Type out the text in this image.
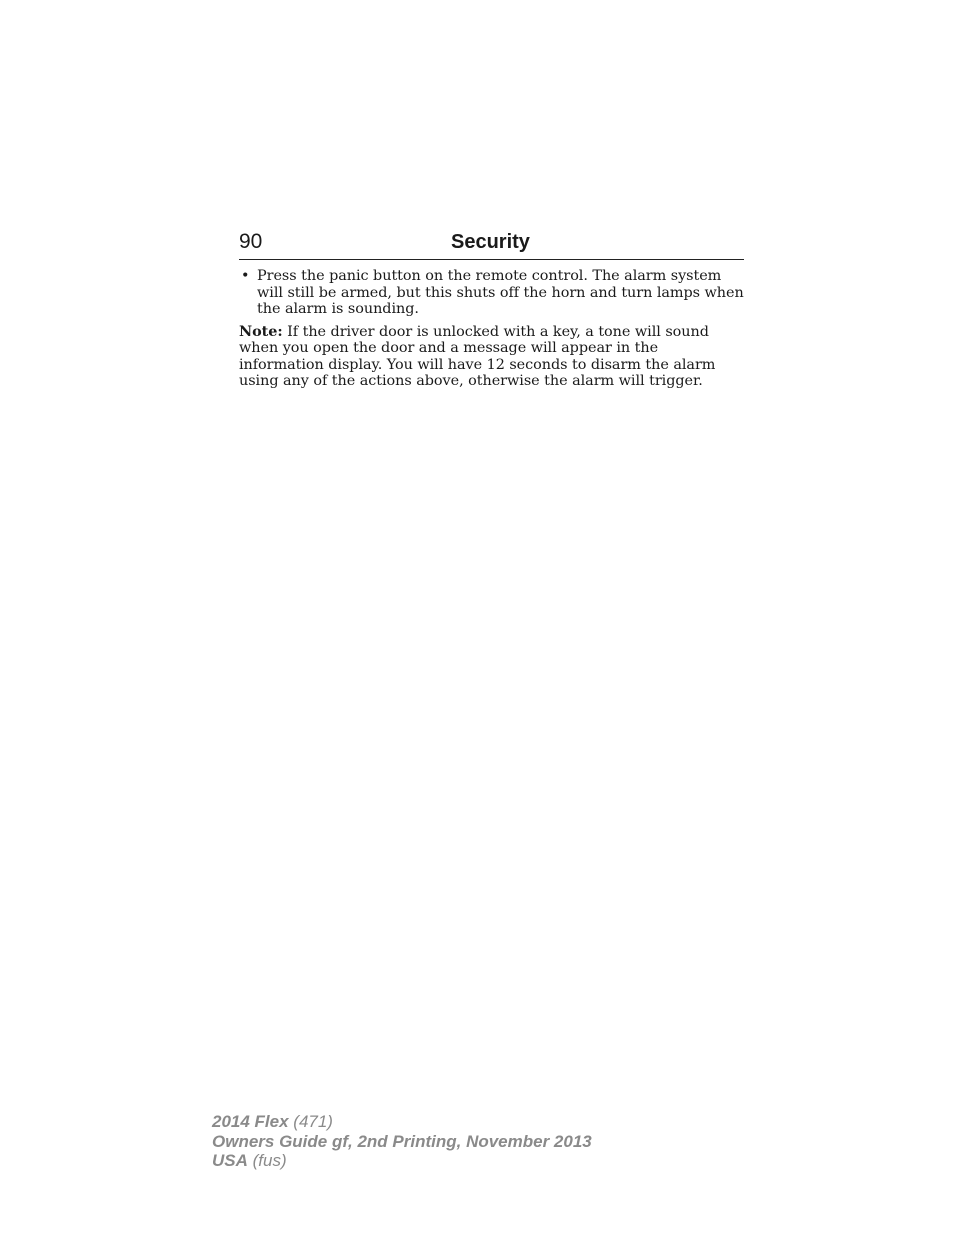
90	Security
• Press the panic button on the remote control. The alarm system will still be armed, but this shuts off the horn and turn lamps when the alarm is sounding.

Note: If the driver door is unlocked with a key, a tone will sound when you open the door and a message will appear in the information display. You will have 12 seconds to disarm the alarm using any of the actions above, otherwise the alarm will trigger.

2014 Flex (471)
Owners Guide gf, 2nd Printing, November 2013
USA (fus)
